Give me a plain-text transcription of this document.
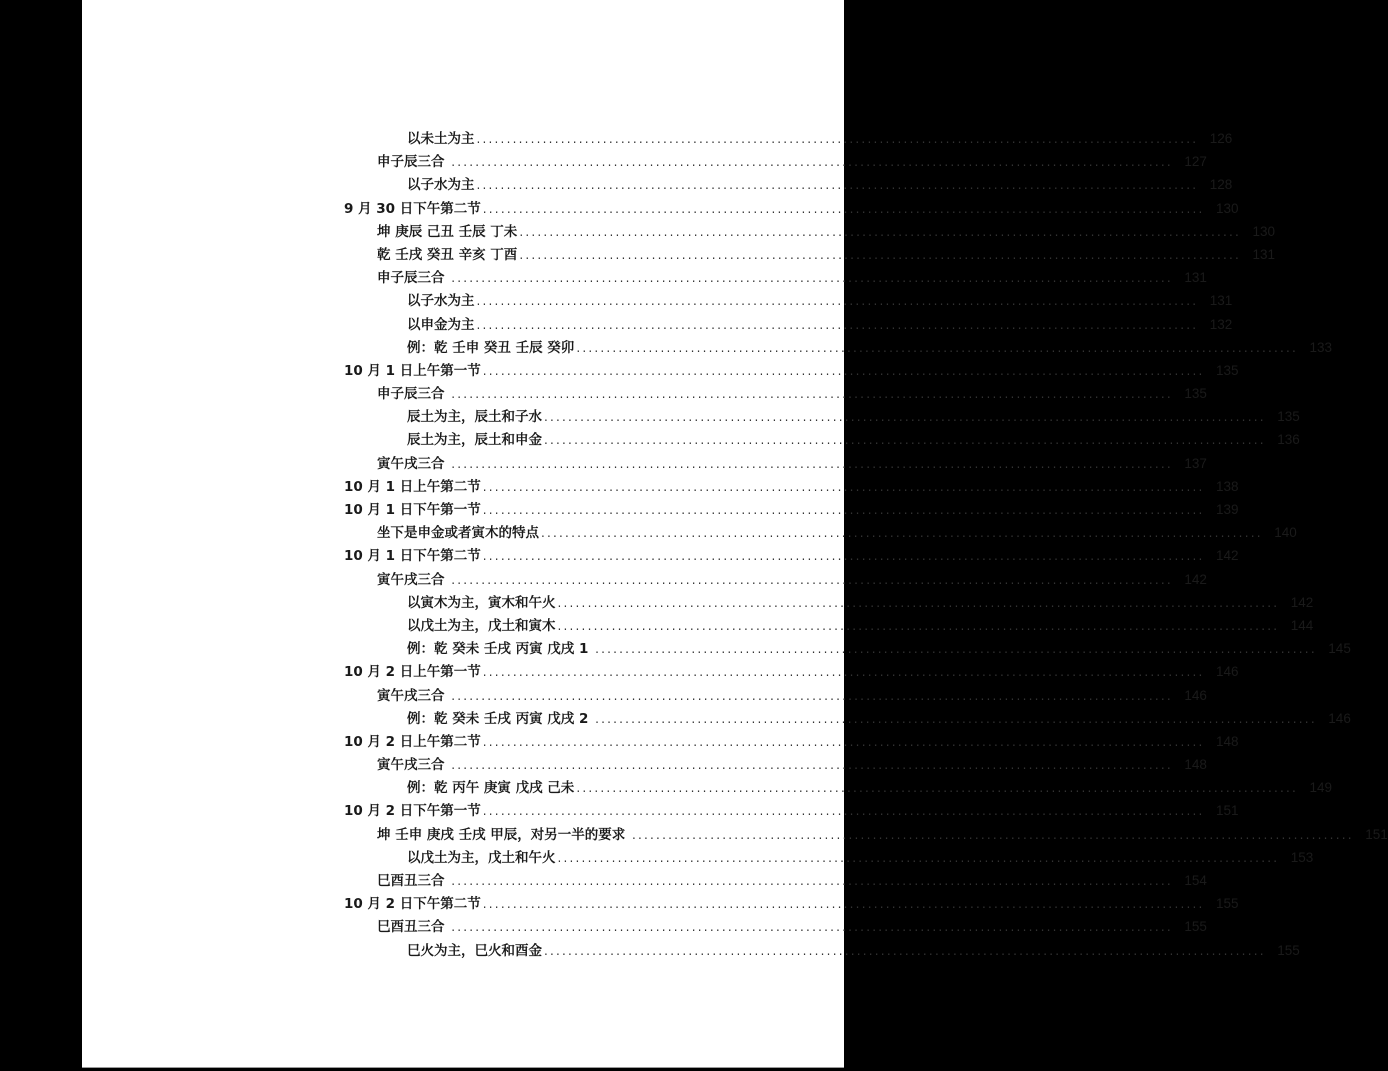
以未土为主 ........................................................................................................................ 126
申子辰三合 ........................................................................................................................ 127
以子水为主 ........................................................................................................................ 128
9 月 30 日下午第二节 ........................................................................................................................ 130
坤 庚辰 己丑 壬辰 丁未 ........................................................................................................................ 130
乾 壬戌 癸丑 辛亥 丁酉 ........................................................................................................................ 131
申子辰三合 ........................................................................................................................ 131
以子水为主 ........................................................................................................................ 131
以申金为主 ........................................................................................................................ 132
例：乾 壬申 癸丑 壬辰 癸卯 ........................................................................................................................ 133
10 月 1 日上午第一节 ........................................................................................................................ 135
申子辰三合 ........................................................................................................................ 135
辰土为主，辰土和子水 ........................................................................................................................ 135
辰土为主，辰土和申金 ........................................................................................................................ 136
寅午戌三合 ........................................................................................................................ 137
10 月 1 日上午第二节 ........................................................................................................................ 138
10 月 1 日下午第一节 ........................................................................................................................ 139
坐下是申金或者寅木的特点 ........................................................................................................................ 140
10 月 1 日下午第二节 ........................................................................................................................ 142
寅午戌三合 ........................................................................................................................ 142
以寅木为主，寅木和午火 ........................................................................................................................ 142
以戊土为主，戊土和寅木 ........................................................................................................................ 144
例：乾 癸未 壬戌 丙寅 戊戌 1 ........................................................................................................................ 145
10 月 2 日上午第一节 ........................................................................................................................ 146
寅午戌三合 ........................................................................................................................ 146
例：乾 癸未 壬戌 丙寅 戊戌 2 ........................................................................................................................ 146
10 月 2 日上午第二节 ........................................................................................................................ 148
寅午戌三合 ........................................................................................................................ 148
例：乾 丙午 庚寅 戊戌 己未 ........................................................................................................................ 149
10 月 2 日下午第一节 ........................................................................................................................ 151
坤 壬申 庚戌 壬戌 甲辰，对另一半的要求 ........................................................................................................................ 151
以戊土为主，戊土和午火 ........................................................................................................................ 153
巳酉丑三合 ........................................................................................................................ 154
10 月 2 日下午第二节 ........................................................................................................................ 155
巳酉丑三合 ........................................................................................................................ 155
巳火为主，巳火和酉金 ........................................................................................................................ 155
